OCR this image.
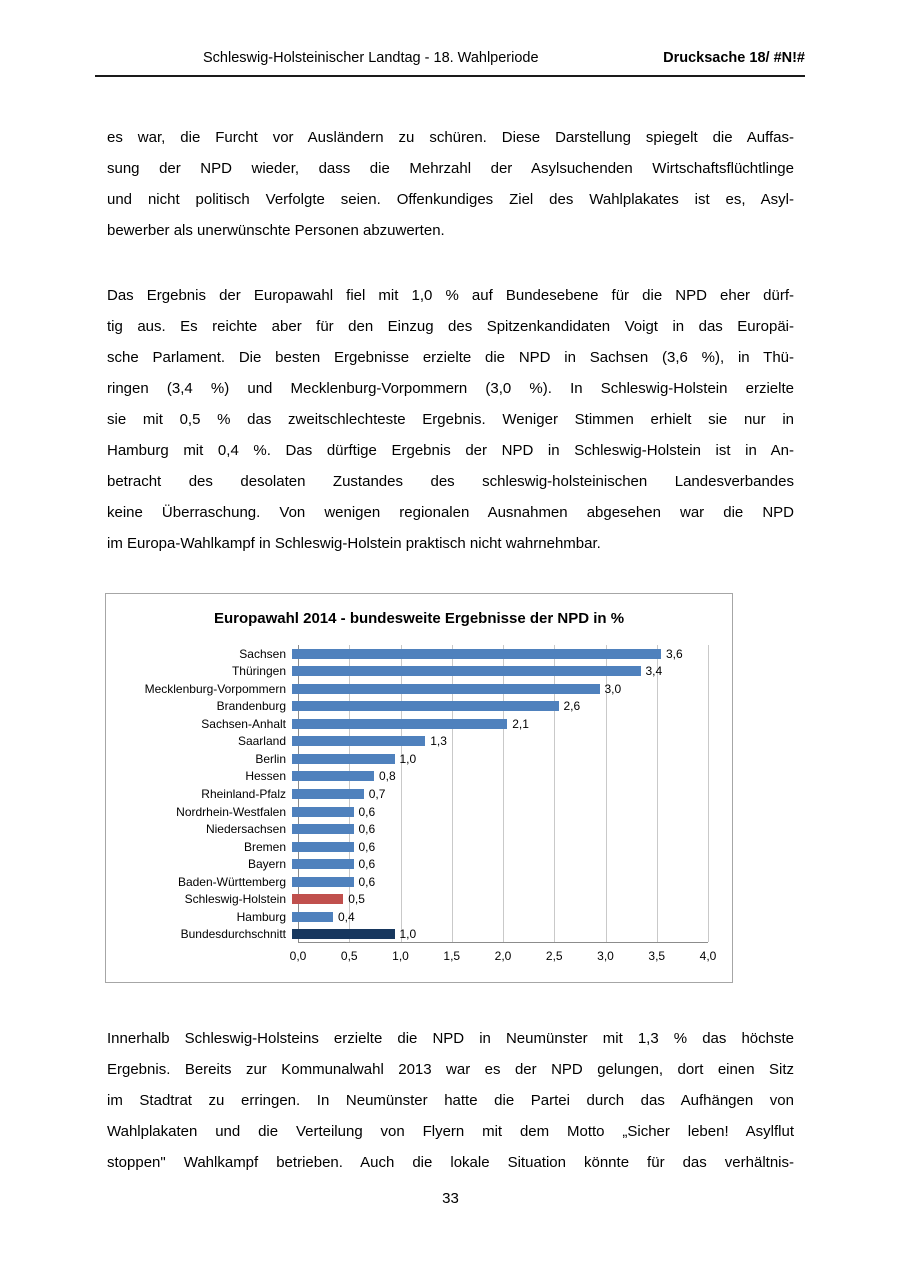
Schleswig-Holsteinischer Landtag - 18. Wahlperiode	Drucksache 18/ #N!#
es war, die Furcht vor Ausländern zu schüren. Diese Darstellung spiegelt die Auffas-
sung der NPD wieder, dass die Mehrzahl der Asylsuchenden Wirtschaftsflüchtlinge
und nicht politisch Verfolgte seien. Offenkundiges Ziel des Wahlplakates ist es, Asyl-
bewerber als unerwünschte Personen abzuwerten.
Das Ergebnis der Europawahl fiel mit 1,0 % auf Bundesebene für die NPD eher dürf-
tig aus. Es reichte aber für den Einzug des Spitzenkandidaten Voigt in das Europäi-
sche Parlament. Die besten Ergebnisse erzielte die NPD in Sachsen (3,6 %), in Thü-
ringen (3,4 %) und Mecklenburg-Vorpommern (3,0 %). In Schleswig-Holstein erzielte
sie mit 0,5 % das zweitschlechteste Ergebnis. Weniger Stimmen erhielt sie nur in
Hamburg mit 0,4 %. Das dürftige Ergebnis der NPD in Schleswig-Holstein ist in An-
betracht des desolaten Zustandes des schleswig-holsteinischen Landesverbandes
keine Überraschung. Von wenigen regionalen Ausnahmen abgesehen war die NPD
im Europa-Wahlkampf in Schleswig-Holstein praktisch nicht wahrnehmbar.
Europawahl 2014 - bundesweite Ergebnisse der NPD in %
Sachsen	3,6
Thüringen	3,4
Mecklenburg-Vorpommern	3,0
Brandenburg	2,6
Sachsen-Anhalt	2,1
Saarland	1,3
Berlin	1,0
Hessen	0,8
Rheinland-Pfalz	0,7
Nordrhein-Westfalen	0,6
Niedersachsen	0,6
Bremen	0,6
Bayern	0,6
Baden-Württemberg	0,6
Schleswig-Holstein	0,5
Hamburg	0,4
Bundesdurchschnitt	1,0
0,0	0,5	1,0	1,5	2,0	2,5	3,0	3,5	4,0
Innerhalb Schleswig-Holsteins erzielte die NPD in Neumünster mit 1,3 % das höchste
Ergebnis. Bereits zur Kommunalwahl 2013 war es der NPD gelungen, dort einen Sitz
im Stadtrat zu erringen. In Neumünster hatte die Partei durch das Aufhängen von
Wahlplakaten und die Verteilung von Flyern mit dem Motto „Sicher leben! Asylflut
stoppen" Wahlkampf betrieben. Auch die lokale Situation könnte für das verhältnis-
33
